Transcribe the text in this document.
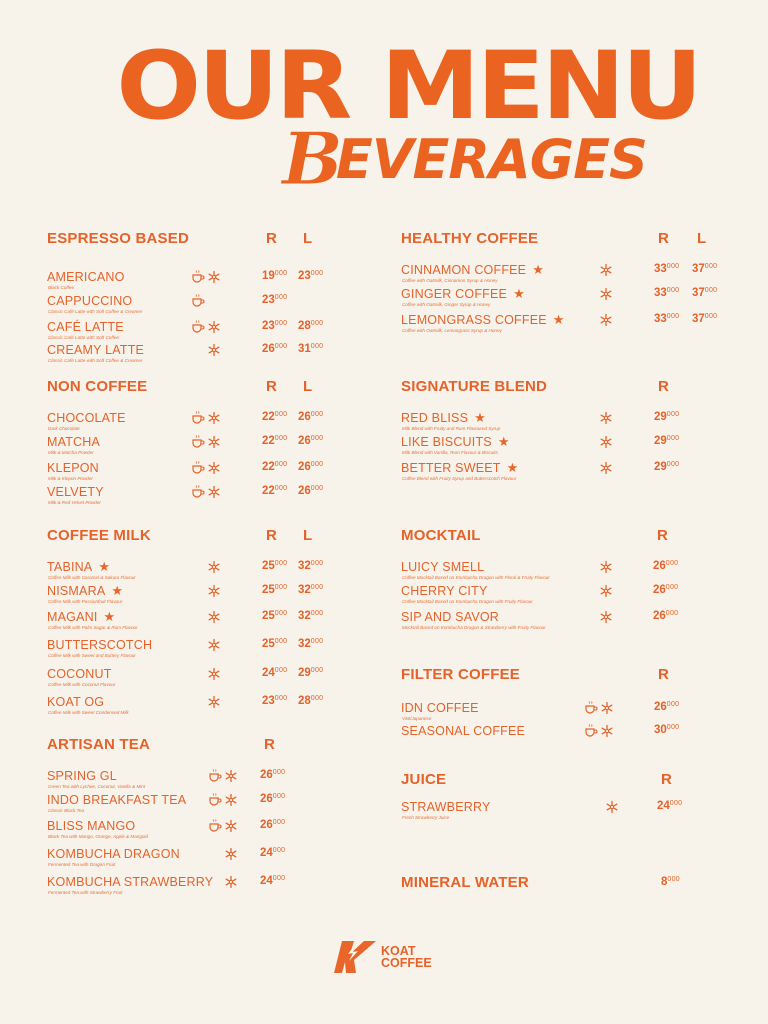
OUR MENU
BEVERAGES
ESPRESSO BASED	R L
AMERICANO
Black Coffee
$19^{000}$ $23^{000}$
CAPPUCCINO
Classic Café Latte with Soft Coffee & Creamer
$23^{000}$
CAFÉ LATTE
Classic Café Latte with Soft Coffee
$23^{000}$ $28^{000}$
CREAMY LATTE
Classic Café Latte with Soft Coffee & Creamer
$26^{000}$ $31^{000}$
NON COFFEE	R L
CHOCOLATE
Dark Chocolate
$22^{000}$ $26^{000}$
MATCHA
Milk & Matcha Powder
$22^{000}$ $26^{000}$
KLEPON
Milk & Klepon Powder
$22^{000}$ $26^{000}$
VELVETY
Milk & Red Velvet Powder
$22^{000}$ $26^{000}$
COFFEE MILK	R L
TABINA ★
Coffee Milk with Caramel & Sakura Flavour
$25^{000}$ $32^{000}$
NISMARA ★
Coffee Milk with Passionfruit Flavour
$25^{000}$ $32^{000}$
MAGANI ★
Coffee Milk with Palm Sugar & Rum Flavour
$25^{000}$ $32^{000}$
BUTTERSCOTCH
Coffee Milk with Sweet and Buttery Flavour
$25^{000}$ $32^{000}$
COCONUT
Coffee Milk with Coconut Flavour
$24^{000}$ $29^{000}$
KOAT OG
Coffee Milk with Sweet Condensed Milk
$23^{000}$ $28^{000}$
ARTISAN TEA	R
SPRING GL
Green Tea with Lychee, Coconut, Vanilla & Mint
$26^{000}$
INDO BREAKFAST TEA
Classic Black Tea
$26^{000}$
BLISS MANGO
Black Tea with Mango, Orange, Apple & Marigold
$26^{000}$
KOMBUCHA DRAGON
Fermented Tea with Dragon Fruit
$24^{000}$
KOMBUCHA STRAWBERRY
Fermented Tea with Strawberry Fruit
$24^{000}$
HEALTHY COFFEE	R L
CINNAMON COFFEE ★
Coffee with Oatmilk, Cinnamon Syrup & Honey
$33^{000}$ $37^{000}$
GINGER COFFEE ★
Coffee with Oatmilk, Ginger Syrup & Honey
$33^{000}$ $37^{000}$
LEMONGRASS COFFEE ★
Coffee with Oatmilk, Lemongrass Syrup & Honey
$33^{000}$ $37^{000}$
SIGNATURE BLEND	R
RED BLISS ★
Milk Blend with Fruity and Rum Flavoured Syrup
$29^{000}$
LIKE BISCUITS ★
Milk Blend with Vanilla, Rum Flavour & Biscuits
$29^{000}$
BETTER SWEET ★
Coffee Blend with Fruity Syrup and Butterscotch Flavour
$29^{000}$
MOCKTAIL	R
LUICY SMELL
Coffee Mocktail Based on Kombucha Dragon with Floral & Fruity Flavour
$26^{000}$
CHERRY CITY
Coffee Mocktail Based on Kombucha Dragon with Fruity Flavour
$26^{000}$
SIP AND SAVOR
Mocktail Based on Kombucha Dragon & Strawberry with Fruity Flavour
$26^{000}$
FILTER COFFEE	R
IDN COFFEE
V60/Japanese
$26^{000}$
SEASONAL COFFEE	$30^{000}$
JUICE	R
STRAWBERRY
Fresh Strawberry Juice
$24^{000}$
MINERAL WATER	$8^{000}$
KOAT
COFFEE
